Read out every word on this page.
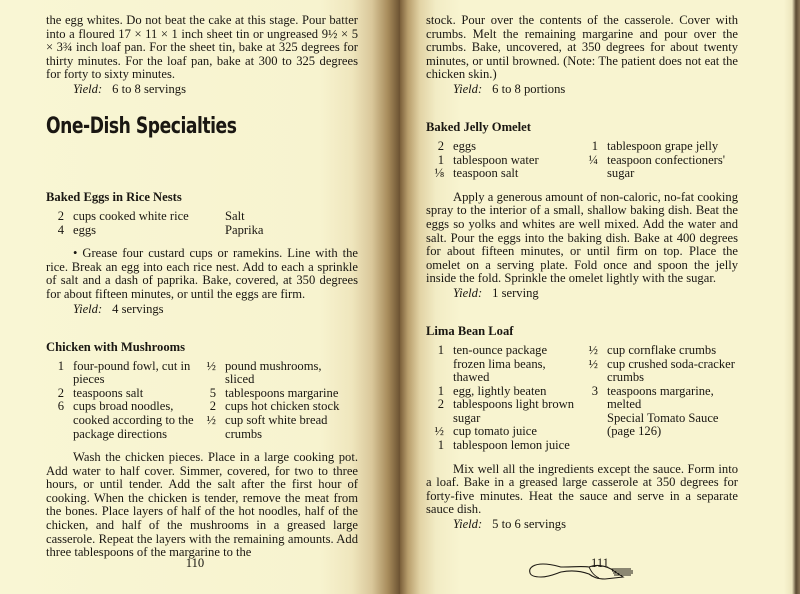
the egg whites. Do not beat the cake at this stage. Pour batter into a floured 17 × 11 × 1 inch sheet tin or ungreased 9½ × 5 × 3¾ inch loaf pan. For the sheet tin, bake at 325 degrees for thirty minutes. For the loaf pan, bake at 300 to 325 degrees for forty to sixty minutes.

Yield: 6 to 8 servings

One-Dish Specialties
Baked Eggs in Rice Nests
2 cups cooked white rice
4 eggs
Salt
Paprika

• Grease four custard cups or ramekins. Line with the rice. Break an egg into each rice nest. Add to each a sprinkle of salt and a dash of paprika. Bake, covered, at 350 degrees for about fifteen minutes, or until the eggs are firm.

Yield: 4 servings

Chicken with Mushrooms
1 four-pound fowl, cut in
pieces
2 teaspoons salt
6 cups broad noodles,
cooked according to the
package directions
½ pound mushrooms,
sliced
5 tablespoons margarine
2 cups hot chicken stock
½ cup soft white bread
crumbs

Wash the chicken pieces. Place in a large cooking pot. Add water to half cover. Simmer, covered, for two to three hours, or until tender. Add the salt after the first hour of cooking. When the chicken is tender, remove the meat from the bones. Place layers of half of the hot noodles, half of the chicken, and half of the mushrooms in a greased large casserole. Repeat the layers with the remaining amounts. Add three tablespoons of the margarine to the

110

stock. Pour over the contents of the casserole. Cover with crumbs. Melt the remaining margarine and pour over the crumbs. Bake, uncovered, at 350 degrees for about twenty minutes, or until browned. (Note: The patient does not eat the chicken skin.)

Yield: 6 to 8 portions

Baked Jelly Omelet
2 eggs
1 tablespoon water
⅛ teaspoon salt
1 tablespoon grape jelly
¼ teaspoon confectioners'
sugar

Apply a generous amount of non-caloric, no-fat cooking spray to the interior of a small, shallow baking dish. Beat the eggs so yolks and whites are well mixed. Add the water and salt. Pour the eggs into the baking dish. Bake at 400 degrees for about fifteen minutes, or until firm on top. Place the omelet on a serving plate. Fold once and spoon the jelly inside the fold. Sprinkle the omelet lightly with the sugar.

Yield: 1 serving

Lima Bean Loaf
1 ten-ounce package
frozen lima beans,
thawed
1 egg, lightly beaten
2 tablespoons light brown
sugar
½ cup tomato juice
1 tablespoon lemon juice
½ cup cornflake crumbs
½ cup crushed soda-cracker
crumbs
3 teaspoons margarine,
melted
Special Tomato Sauce
(page 126)

Mix well all the ingredients except the sauce. Form into a loaf. Bake in a greased large casserole at 350 degrees for forty-five minutes. Heat the sauce and serve in a separate sauce dish.

Yield: 5 to 6 servings

111
